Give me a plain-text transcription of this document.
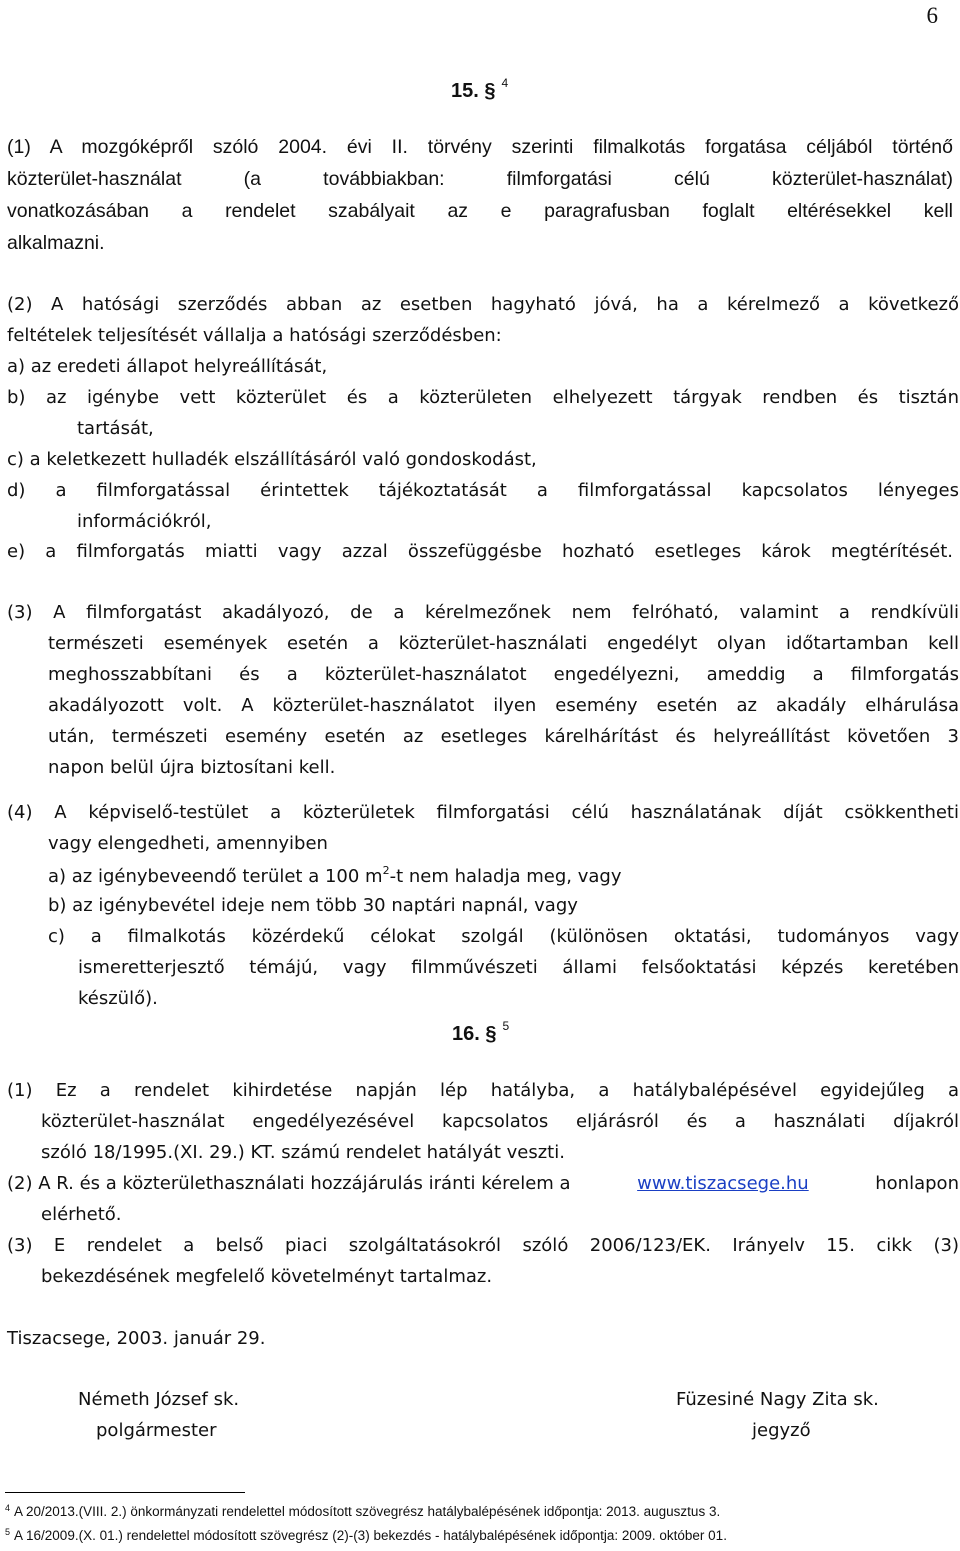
6
15. § $^4$
(1) A mozgóképről szóló 2004. évi II. törvény szerinti filmalkotás forgatása céljából történő
közterület-használat (a továbbiakban: filmforgatási célú közterület-használat)
vonatkozásában a rendelet szabályait az e paragrafusban foglalt eltérésekkel kell
alkalmazni.
(2) A hatósági szerződés abban az esetben hagyható jóvá, ha a kérelmező a következő
feltételek teljesítését vállalja a hatósági szerződésben:
a) az eredeti állapot helyreállítását,
b) az igénybe vett közterület és a közterületen elhelyezett tárgyak rendben és tisztán
tartását,
c) a keletkezett hulladék elszállításáról való gondoskodást,
d) a filmforgatással érintettek tájékoztatását a filmforgatással kapcsolatos lényeges
információkról,
e) a filmforgatás miatti vagy azzal összefüggésbe hozható esetleges károk megtérítését.
(3) A filmforgatást akadályozó, de a kérelmezőnek nem felróható, valamint a rendkívüli
természeti események esetén a közterület-használati engedélyt olyan időtartamban kell
meghosszabbítani és a közterület-használatot engedélyezni, ameddig a filmforgatás
akadályozott volt. A közterület-használatot ilyen esemény esetén az akadály elhárulása
után, természeti esemény esetén az esetleges kárelhárítást és helyreállítást követően 3
napon belül újra biztosítani kell.
(4) A képviselő-testület a közterületek filmforgatási célú használatának díját csökkentheti
vagy elengedheti, amennyiben
a) az igénybeveendő terület a 100 $m^2-t$ nem haladja meg, vagy
b) az igénybevétel ideje nem több 30 naptári napnál, vagy
c) a filmalkotás közérdekű célokat szolgál (különösen oktatási, tudományos vagy
ismeretterjesztő témájú, vagy filmművészeti állami felsőoktatási képzés keretében
készülő).
16. § $^5$
(1) Ez a rendelet kihirdetése napján lép hatályba, a hatálybalépésével egyidejűleg a
közterület-használat engedélyezésével kapcsolatos eljárásról és a használati díjakról
szóló 18/1995.(XI. 29.) KT. számú rendelet hatályát veszti.
(2) A R. és a közterülethasználati hozzájárulás iránti kérelem a	www.tiszacsege.hu	honlapon
elérhető.
(3) E rendelet a belső piaci szolgáltatásokról szóló 2006/123/EK. Irányelv 15. cikk (3)
bekezdésének megfelelő követelményt tartalmaz.
Tiszacsege, 2003. január 29.
Németh József sk.
polgármester
Füzesiné Nagy Zita sk.
jegyző
$^4$ A 20/2013.(VIII. 2.) önkormányzati rendelettel módosított szövegrész hatálybalépésének időpontja: 2013. augusztus 3.
$^5$ A 16/2009.(X. 01.) rendelettel módosított szövegrész (2)-(3) bekezdés - hatálybalépésének időpontja: 2009. október 01.
